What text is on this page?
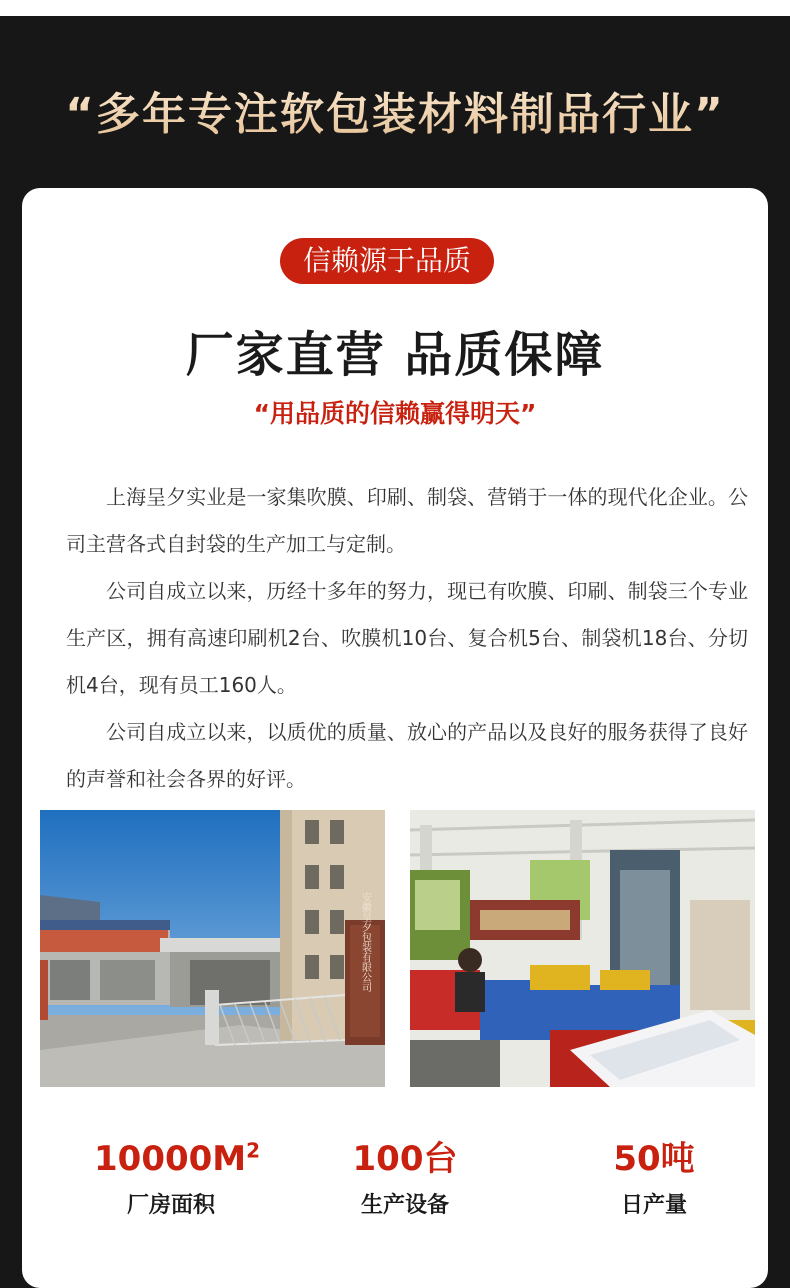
“多年专注软包装材料制品行业”
信赖源于品质
厂家直营 品质保障
“用品质的信赖赢得明天”

上海呈夕实业是一家集吹膜、印刷、制袋、营销于一体的现代化企业。公司主营各式自封袋的生产加工与定制。

公司自成立以来，历经十多年的努力，现已有吹膜、印刷、制袋三个专业生产区，拥有高速印刷机2台、吹膜机10台、复合机5台、制袋机18台、分切机4台，现有员工160人。

公司自成立以来，以质优的质量、放心的产品以及良好的服务获得了良好的声誉和社会各界的好评。

安徽呈夕包装有限公司
$10000M^2$
厂房面积
100台
生产设备
50吨
日产量
